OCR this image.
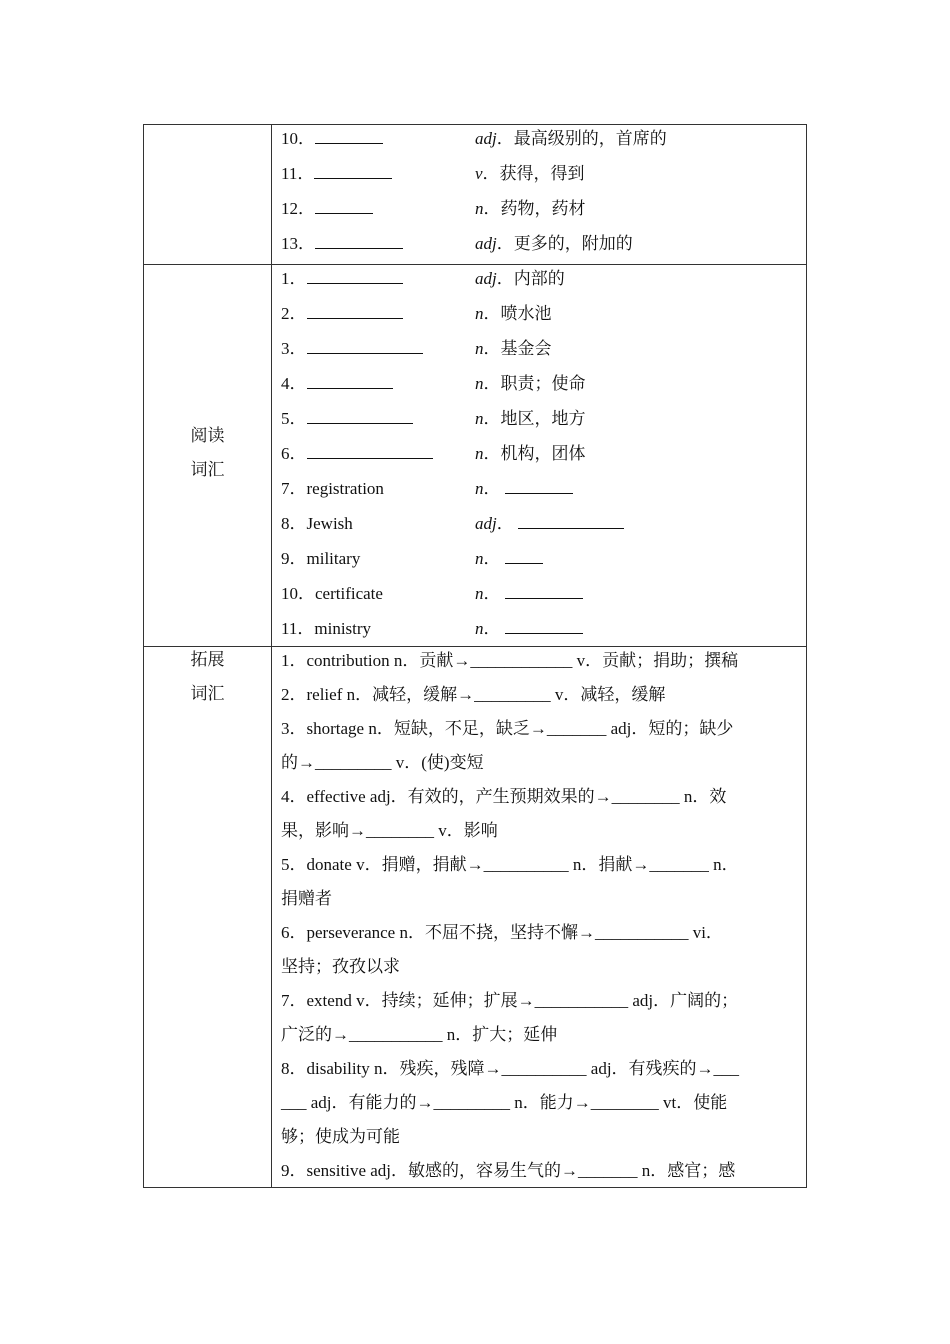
阅读
词汇
拓展
词汇
10．	adj．最高级别的，首席的
11．	v．获得，得到
12．	n．药物，药材
13．	adj．更多的，附加的
1．	adj．内部的
2．	n．喷水池
3．	n．基金会
4．	n．职责；使命
5．	n．地区，地方
6．	n．机构，团体
7．registration	n．
8．Jewish	adj．
9．military	n．
10．certificate	n．
11．ministry	n．
1．contribution n．贡献→____________ v．贡献；捐助；撰稿
2．relief n．减轻，缓解→_________ v．减轻，缓解
3．shortage n．短缺，不足，缺乏→_______ adj．短的；缺少
的→_________ v．(使)变短
4．effective adj．有效的，产生预期效果的→________ n．效
果，影响→________ v．影响
5．donate v．捐赠，捐献→__________ n．捐献→_______ n．
捐赠者
6．perseverance n．不屈不挠，坚持不懈→___________ vi．
坚持；孜孜以求
7．extend v．持续；延伸；扩展→___________ adj．广阔的；
广泛的→___________ n．扩大；延伸
8．disability n．残疾，残障→__________ adj．有残疾的→___
___ adj．有能力的→_________ n．能力→________ vt．使能
够；使成为可能
9．sensitive adj．敏感的，容易生气的→_______ n．感官；感
